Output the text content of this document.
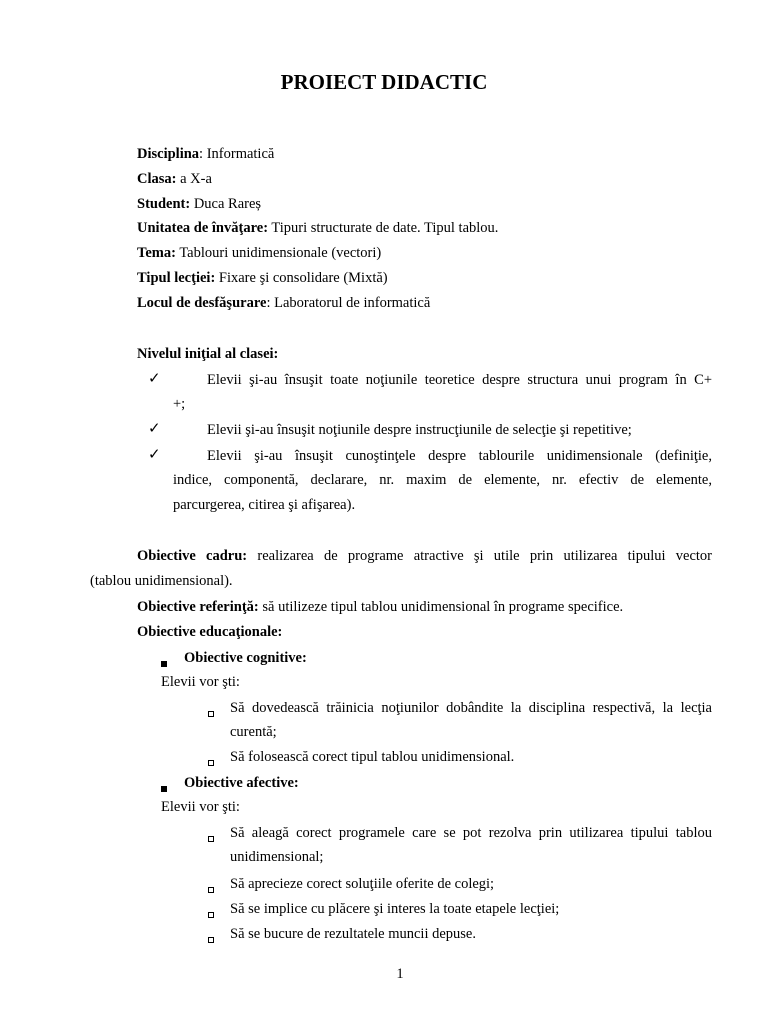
PROIECT DIDACTIC
Disciplina: Informatică
Clasa: a X-a
Student: Duca Rareș
Unitatea de învăţare: Tipuri structurate de date. Tipul tablou.
Tema: Tablouri unidimensionale (vectori)
Tipul lecţiei: Fixare şi consolidare (Mixtă)
Locul de desfăşurare: Laboratorul de informatică
Nivelul iniţial al clasei:
✓	Elevii şi-au însuşit toate noţiunile teoretice despre structura unui program în C+
+;
✓	Elevii şi-au însuşit noţiunile despre instrucţiunile de selecţie şi repetitive;
✓	Elevii şi-au însuşit cunoştinţele despre tablourile unidimensionale (definiţie,
indice, componentă, declarare, nr. maxim de elemente, nr. efectiv de elemente,
parcurgerea, citirea şi afişarea).
Obiective cadru: realizarea de programe atractive şi utile prin utilizarea tipului vector
(tablou unidimensional).
Obiective referinţă: să utilizeze tipul tablou unidimensional în programe specifice.
Obiective educaţionale:
Obiective cognitive:
Elevii vor şti:
Să dovedească trăinicia noţiunilor dobândite la disciplina respectivă, la lecţia
curentă;
Să folosească corect tipul tablou unidimensional.
Obiective afective:
Elevii vor şti:
Să aleagă corect programele care se pot rezolva prin utilizarea tipului tablou
unidimensional;
Să aprecieze corect soluţiile oferite de colegi;
Să se implice cu plăcere şi interes la toate etapele lecţiei;
Să se bucure de rezultatele muncii depuse.
1
